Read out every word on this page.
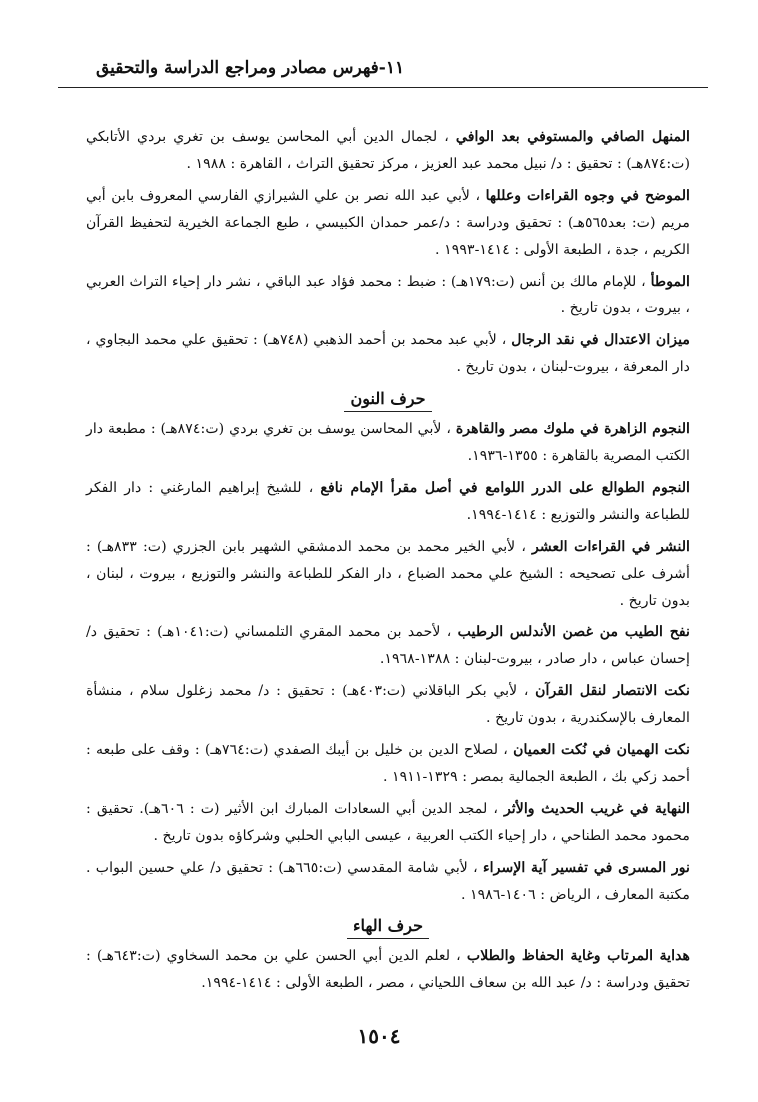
١١-فهرس مصادر ومراجع الدراسة والتحقيق

المنهل الصافي والمستوفي بعد الوافي ، لجمال الدين أبي المحاسن يوسف بن تغري بردي الأتابكي (ت:٨٧٤هـ) : تحقيق : د/ نبيل محمد عبد العزيز ، مركز تحقيق التراث ، القاهرة : ١٩٨٨ .

الموضح في وجوه القراءات وعللها ، لأبي عبد الله نصر بن علي الشيرازي الفارسي المعروف بابن أبي مريم (ت: بعد٥٦٥هـ) : تحقيق ودراسة : د/عمر حمدان الكبيسي ، طبع الجماعة الخيرية لتحفيظ القرآن الكريم ، جدة ، الطبعة الأولى : ١٤١٤-١٩٩٣ .

الموطأ ، للإمام مالك بن أنس (ت:١٧٩هـ) : ضبط : محمد فؤاد عبد الباقي ، نشر دار إحياء التراث العربي ، بيروت ، بدون تاريخ .

ميزان الاعتدال في نقد الرجال ، لأبي عبد محمد بن أحمد الذهبي (٧٤٨هـ) : تحقيق علي محمد البجاوي ، دار المعرفة ، بيروت-لبنان ، بدون تاريخ .

حرف النون

النجوم الزاهرة في ملوك مصر والقاهرة ، لأبي المحاسن يوسف بن تغري بردي (ت:٨٧٤هـ) : مطبعة دار الكتب المصرية بالقاهرة : ١٣٥٥-١٩٣٦.

النجوم الطوالع على الدرر اللوامع في أصل مقرأ الإمام نافع ، للشيخ إبراهيم المارغني : دار الفكر للطباعة والنشر والتوزيع : ١٤١٤-١٩٩٤.

النشر في القراءات العشر ، لأبي الخير محمد بن محمد الدمشقي الشهير بابن الجزري (ت: ٨٣٣هـ) : أشرف على تصحيحه : الشيخ علي محمد الضباع ، دار الفكر للطباعة والنشر والتوزيع ، بيروت ، لبنان ، بدون تاريخ .

نفح الطيب من غصن الأندلس الرطيب ، لأحمد بن محمد المقري التلمساني (ت:١٠٤١هـ) : تحقيق د/إحسان عباس ، دار صادر ، بيروت-لبنان : ١٣٨٨-١٩٦٨.

نكت الانتصار لنقل القرآن ، لأبي بكر الباقلاني (ت:٤٠٣هـ) : تحقيق : د/ محمد زغلول سلام ، منشأة المعارف بالإسكندرية ، بدون تاريخ .

نكت الهميان في نُكت العميان ، لصلاح الدين بن خليل بن أيبك الصفدي (ت:٧٦٤هـ) : وقف على طبعه : أحمد زكي بك ، الطبعة الجمالية بمصر : ١٣٢٩-١٩١١ .

النهاية في غريب الحديث والأثر ، لمجد الدين أبي السعادات المبارك ابن الأثير (ت : ٦٠٦هـ). تحقيق : محمود محمد الطناحي ، دار إحياء الكتب العربية ، عيسى البابي الحلبي وشركاؤه بدون تاريخ .

نور المسرى في تفسير آية الإسراء ، لأبي شامة المقدسي (ت:٦٦٥هـ) : تحقيق د/ علي حسين البواب . مكتبة المعارف ، الرياض : ١٤٠٦-١٩٨٦ .

حرف الهاء

هداية المرتاب وغاية الحفاظ والطلاب ، لعلم الدين أبي الحسن علي بن محمد السخاوي (ت:٦٤٣هـ) : تحقيق ودراسة : د/ عبد الله بن سعاف اللحياني ، مصر ، الطبعة الأولى : ١٤١٤-١٩٩٤.

١٥٠٤
